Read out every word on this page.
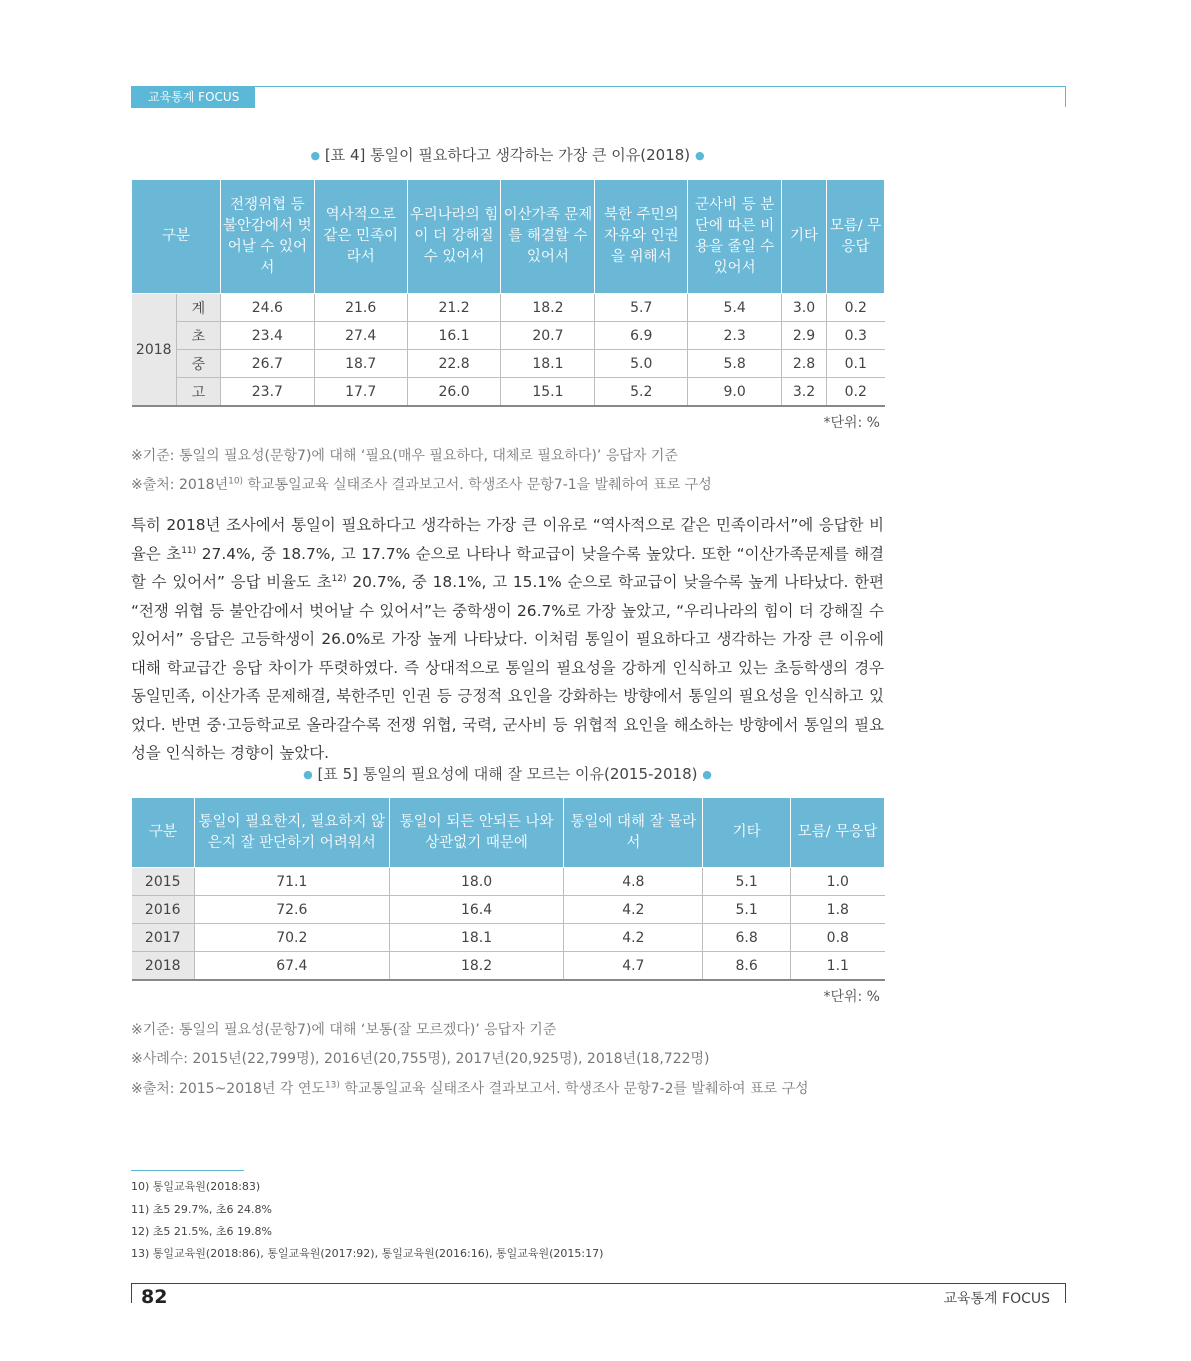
교육통계 FOCUS
● [표 4] 통일이 필요하다고 생각하는 가장 큰 이유(2018) ●
구분		전쟁위협 등 불안감에서 벗어날 수 있어서	역사적으로 같은 민족이라서	우리나라의 힘이 더 강해질 수 있어서	이산가족 문제를 해결할 수 있어서	북한 주민의 자유와 인권을 위해서	군사비 등 분단에 따른 비용을 줄일 수 있어서	기타	모름/ 무응답
2018	계	24.6	21.6	21.2	18.2	5.7	5.4	3.0	0.2
	초	23.4	27.4	16.1	20.7	6.9	2.3	2.9	0.3
	중	26.7	18.7	22.8	18.1	5.0	5.8	2.8	0.1
	고	23.7	17.7	26.0	15.1	5.2	9.0	3.2	0.2
*단위: %
※기준: 통일의 필요성(문항7)에 대해 ‘필요(매우 필요하다, 대체로 필요하다)’ 응답자 기준
※출처: 2018년$^{10)}$ 학교통일교육 실태조사 결과보고서. 학생조사 문항7-1을 발췌하여 표로 구성

특히 2018년 조사에서 통일이 필요하다고 생각하는 가장 큰 이유로 “역사적으로 같은 민족이라서”에 응답한 비율은 초$^{11)}$ 27.4%, 중 18.7%, 고 17.7% 순으로 나타나 학교급이 낮을수록 높았다. 또한 “이산가족문제를 해결할 수 있어서” 응답 비율도 초$^{12)}$ 20.7%, 중 18.1%, 고 15.1% 순으로 학교급이 낮을수록 높게 나타났다. 한편 “전쟁 위협 등 불안감에서 벗어날 수 있어서”는 중학생이 26.7%로 가장 높았고, “우리나라의 힘이 더 강해질 수 있어서” 응답은 고등학생이 26.0%로 가장 높게 나타났다. 이처럼 통일이 필요하다고 생각하는 가장 큰 이유에 대해 학교급간 응답 차이가 뚜렷하였다. 즉 상대적으로 통일의 필요성을 강하게 인식하고 있는 초등학생의 경우 동일민족, 이산가족 문제해결, 북한주민 인권 등 긍정적 요인을 강화하는 방향에서 통일의 필요성을 인식하고 있었다. 반면 중·고등학교로 올라갈수록 전쟁 위협, 국력, 군사비 등 위협적 요인을 해소하는 방향에서 통일의 필요성을 인식하는 경향이 높았다.

● [표 5] 통일의 필요성에 대해 잘 모르는 이유(2015-2018) ●
구분	통일이 필요한지, 필요하지 않은지 잘 판단하기 어려워서	통일이 되든 안되든 나와 상관없기 때문에	통일에 대해 잘 몰라서	기타	모름/ 무응답
2015	71.1	18.0	4.8	5.1	1.0
2016	72.6	16.4	4.2	5.1	1.8
2017	70.2	18.1	4.2	6.8	0.8
2018	67.4	18.2	4.7	8.6	1.1
*단위: %
※기준: 통일의 필요성(문항7)에 대해 ‘보통(잘 모르겠다)’ 응답자 기준
※사례수: 2015년(22,799명), 2016년(20,755명), 2017년(20,925명), 2018년(18,722명)
※출처: 2015~2018년 각 연도$^{13)}$ 학교통일교육 실태조사 결과보고서. 학생조사 문항7-2를 발췌하여 표로 구성
10) 통일교육원(2018:83)
11) 초5 29.7%, 초6 24.8%
12) 초5 21.5%, 초6 19.8%
13) 통일교육원(2018:86), 통일교육원(2017:92), 통일교육원(2016:16), 통일교육원(2015:17)
82	교육통계 FOCUS
